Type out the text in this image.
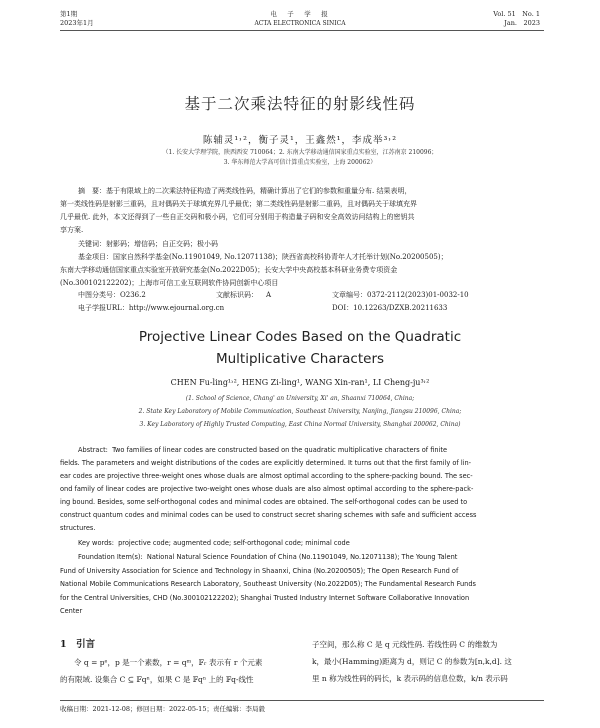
第1期
2023年1月
电　子　学　报
ACTA ELECTRONICA SINICA
Vol. 51　No. 1
Jan.　2023
基于二次乘法特征的射影线性码
陈辅灵¹˒²，衡子灵¹，王鑫然¹，李成举³˒²
（1. 长安大学理学院，陕西西安 710064；2. 东南大学移动通信国家重点实验室，江苏南京 210096；
3. 华东师范大学高可信计算重点实验室，上海 200062）
摘　要：基于有限域上的二次乘法特征构造了两类线性码，精确计算出了它们的参数和重量分布. 结果表明，
第一类线性码是射影三重码，且对偶码关于球填充界几乎最优；第二类线性码是射影二重码，且对偶码关于球填充界
几乎最优. 此外，本文还得到了一些自正交码和极小码，它们可分别用于构造量子码和安全高效访问结构上的密钥共
享方案.
关键词：射影码；增信码；自正交码；极小码
基金项目：国家自然科学基金(No.11901049, No.12071138)；陕西省高校科协青年人才托举计划(No.20200505)；
东南大学移动通信国家重点实验室开放研究基金(No.2022D05)；长安大学中央高校基本科研业务费专项资金
(No.300102122202)；上海市可信工业互联网软件协同创新中心项目
中图分类号：O236.2	文献标识码： A	文章编号：0372-2112(2023)01-0032-10
电子学报URL：http://www.ejournal.org.cn	DOI：10.12263/DZXB.20211633
Projective Linear Codes Based on the Quadratic
Multiplicative Characters
CHEN Fu-ling¹˒², HENG Zi-ling¹, WANG Xin-ran¹, LI Cheng-ju³˒²
(1. School of Science, Chang' an University, Xi' an, Shaanxi 710064, China;
2. State Key Laboratory of Mobile Communication, Southeast University, Nanjing, Jiangsu 210096, China;
3. Key Laboratory of Highly Trusted Computing, East China Normal University, Shanghai 200062, China)
Abstract: Two families of linear codes are constructed based on the quadratic multiplicative characters of finite
fields. The parameters and weight distributions of the codes are explicitly determined. It turns out that the first family of lin-
ear codes are projective three-weight ones whose duals are almost optimal according to the sphere-packing bound. The sec-
ond family of linear codes are projective two-weight ones whose duals are also almost optimal according to the sphere-pack-
ing bound. Besides, some self-orthogonal codes and minimal codes are obtained. The self-orthogonal codes can be used to
construct quantum codes and minimal codes can be used to construct secret sharing schemes with safe and sufficient access
structures.
Key words: projective code; augmented code; self-orthogonal code; minimal code
Foundation Item(s): National Natural Science Foundation of China (No.11901049, No.12071138); The Young Talent
Fund of University Association for Science and Technology in Shaanxi, China (No.20200505); The Open Research Fund of
National Mobile Communications Research Laboratory, Southeast University (No.2022D05); The Fundamental Research Funds
for the Central Universities, CHD (No.300102122202); Shanghai Trusted Industry Internet Software Collaborative Innovation
Center
1　引言
令 q = pᵉ，p 是一个素数，r = qᵐ，𝔽ᵣ 表示有 r 个元素
的有限域. 设集合 C ⊆ 𝔽qⁿ，如果 C 是 𝔽qⁿ 上的 𝔽q-线性
子空间，那么称 C 是 q 元线性码. 若线性码 C 的维数为
k，最小(Hamming)距离为 d，则记 C 的参数为[n,k,d]. 这
里 n 称为线性码的码长，k 表示码的信息位数，k/n 表示码
收稿日期：2021-12-08；修回日期：2022-05-15；责任编辑：李局毅
